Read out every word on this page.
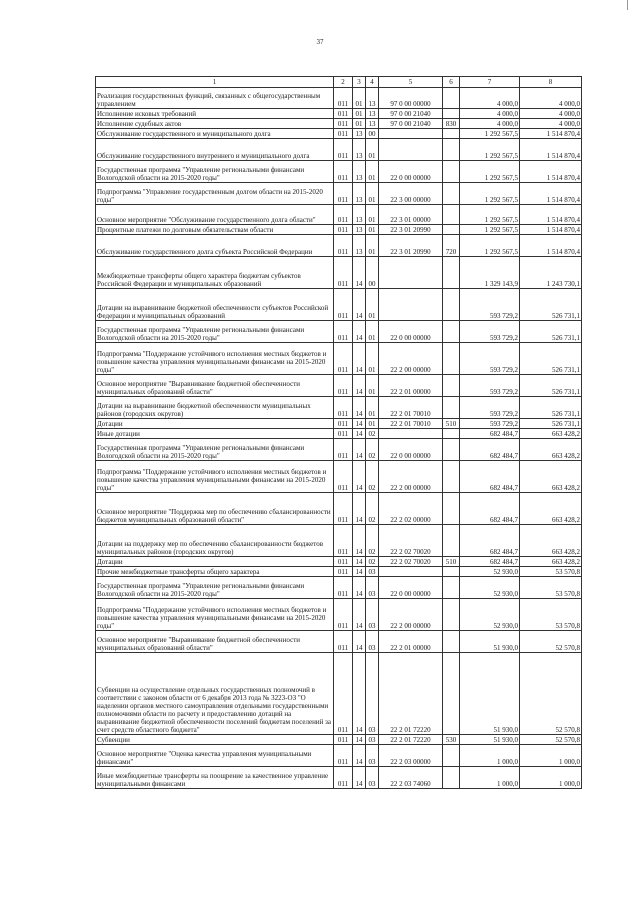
37
1	2	3	4	5	6	7	8
Реализация государственных функций, связанных с общегосударственным управлением	011	01	13	97 0 00 00000		4 000,0	4 000,0
Исполнение исковых требований	011	01	13	97 0 00 21040		4 000,0	4 000,0
Исполнение судебных актов	011	01	13	97 0 00 21040	830	4 000,0	4 000,0
Обслуживание государственного и муниципального долга	011	13	00			1 292 567,5	1 514 870,4
Обслуживание государственного внутреннего и муниципального долга	011	13	01			1 292 567,5	1 514 870,4
Государственная программа "Управление региональными финансами Вологодской области на 2015-2020 годы"	011	13	01	22 0 00 00000		1 292 567,5	1 514 870,4
Подпрограмма "Управление государственным долгом области на 2015-2020 годы"	011	13	01	22 3 00 00000		1 292 567,5	1 514 870,4
Основное мероприятие "Обслуживание государственного долга области"	011	13	01	22 3 01 00000		1 292 567,5	1 514 870,4
Процентные платежи по долговым обязательствам области	011	13	01	22 3 01 20990		1 292 567,5	1 514 870,4
Обслуживание государственного долга субъекта Российской Федерации	011	13	01	22 3 01 20990	720	1 292 567,5	1 514 870,4
Межбюджетные трансферты общего характера бюджетам субъектов Российской Федерации и муниципальных образований	011	14	00			1 329 143,9	1 243 730,1
Дотации на выравнивание бюджетной обеспеченности субъектов Российской Федерации и муниципальных образований	011	14	01			593 729,2	526 731,1
Государственная программа "Управление региональными финансами Вологодской области на 2015-2020 годы"	011	14	01	22 0 00 00000		593 729,2	526 731,1
Подпрограмма "Поддержание устойчивого исполнения местных бюджетов и повышение качества управления муниципальными финансами на 2015-2020 годы"	011	14	01	22 2 00 00000		593 729,2	526 731,1
Основное мероприятие "Выравнивание бюджетной обеспеченности муниципальных образований области"	011	14	01	22 2 01 00000		593 729,2	526 731,1
Дотации на выравнивание бюджетной обеспеченности муниципальных районов (городских округов)	011	14	01	22 2 01 70010		593 729,2	526 731,1
Дотации	011	14	01	22 2 01 70010	510	593 729,2	526 731,1
Иные дотации	011	14	02			682 484,7	663 428,2
Государственная программа "Управление региональными финансами Вологодской области на 2015-2020 годы"	011	14	02	22 0 00 00000		682 484,7	663 428,2
Подпрограмма "Поддержание устойчивого исполнения местных бюджетов и повышение качества управления муниципальными финансами на 2015-2020 годы"	011	14	02	22 2 00 00000		682 484,7	663 428,2
Основное мероприятие "Поддержка мер по обеспечению сбалансированности бюджетов муниципальных образований области"	011	14	02	22 2 02 00000		682 484,7	663 428,2
Дотации на поддержку мер по обеспечению сбалансированности бюджетов муниципальных районов (городских округов)	011	14	02	22 2 02 70020		682 484,7	663 428,2
Дотации	011	14	02	22 2 02 70020	510	682 484,7	663 428,2
Прочие межбюджетные трансферты общего характера	011	14	03			52 930,0	53 570,8
Государственная программа "Управление региональными финансами Вологодской области на 2015-2020 годы"	011	14	03	22 0 00 00000		52 930,0	53 570,8
Подпрограмма "Поддержание устойчивого исполнения местных бюджетов и повышение качества управления муниципальными финансами на 2015-2020 годы"	011	14	03	22 2 00 00000		52 930,0	53 570,8
Основное мероприятие "Выравнивание бюджетной обеспеченности муниципальных образований области"	011	14	03	22 2 01 00000		51 930,0	52 570,8
Субвенции на осуществление отдельных государственных полномочий в соответствии с законом области от 6 декабря 2013 года № 3223-ОЗ "О наделении органов местного самоуправления отдельными государственными полномочиями области по расчету и предоставлению дотаций на выравнивание бюджетной обеспеченности поселений бюджетам поселений за счет средств областного бюджета"	011	14	03	22 2 01 72220		51 930,0	52 570,8
Субвенции	011	14	03	22 2 01 72220	530	51 930,0	52 570,8
Основное мероприятие "Оценка качества управления муниципальными финансами"	011	14	03	22 2 03 00000		1 000,0	1 000,0
Иные межбюджетные трансферты на поощрение за качественное управление муниципальными финансами	011	14	03	22 2 03 74060		1 000,0	1 000,0
